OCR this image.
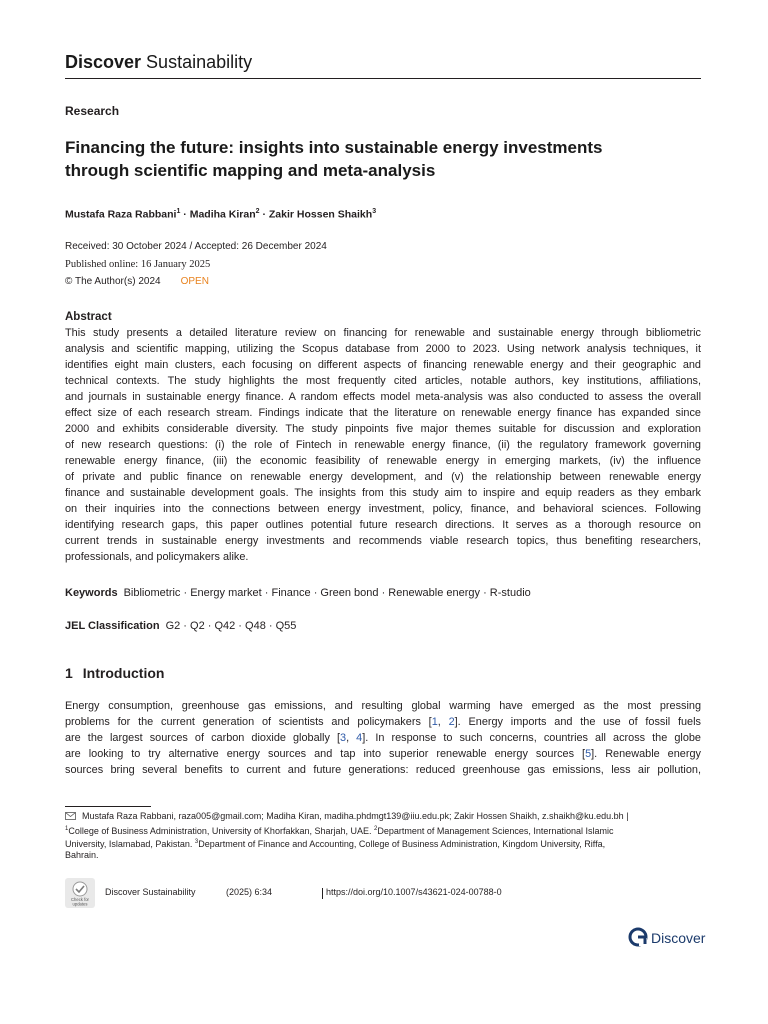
Discover Sustainability
Research
Financing the future: insights into sustainable energy investments
through scientific mapping and meta-analysis
Mustafa Raza Rabbani$^1$ · Madiha Kiran$^2$ · Zakir Hossen Shaikh$^3$
Received: 30 October 2024 / Accepted: 26 December 2024
Published online: 16 January 2025
© The Author(s) 2024 OPEN
Abstract
This study presents a detailed literature review on financing for renewable and sustainable energy through bibliometric
analysis and scientific mapping, utilizing the Scopus database from 2000 to 2023. Using network analysis techniques, it
identifies eight main clusters, each focusing on different aspects of financing renewable energy and their geographic and
technical contexts. The study highlights the most frequently cited articles, notable authors, key institutions, affiliations,
and journals in sustainable energy finance. A random effects model meta-analysis was also conducted to assess the overall
effect size of each research stream. Findings indicate that the literature on renewable energy finance has expanded since
2000 and exhibits considerable diversity. The study pinpoints five major themes suitable for discussion and exploration
of new research questions: (i) the role of Fintech in renewable energy finance, (ii) the regulatory framework governing
renewable energy finance, (iii) the economic feasibility of renewable energy in emerging markets, (iv) the influence
of private and public finance on renewable energy development, and (v) the relationship between renewable energy
finance and sustainable development goals. The insights from this study aim to inspire and equip readers as they embark
on their inquiries into the connections between energy investment, policy, finance, and behavioral sciences. Following
identifying research gaps, this paper outlines potential future research directions. It serves as a thorough resource on
current trends in sustainable energy investments and recommends viable research topics, thus benefiting researchers,
professionals, and policymakers alike.
Keywords Bibliometric · Energy market · Finance · Green bond · Renewable energy · R-studio
JEL Classification G2 · Q2 · Q42 · Q48 · Q55
1 Introduction
Energy consumption, greenhouse gas emissions, and resulting global warming have emerged as the most pressing
problems for the current generation of scientists and policymakers [1, 2]. Energy imports and the use of fossil fuels
are the largest sources of carbon dioxide globally [3, 4]. In response to such concerns, countries all across the globe
are looking to try alternative energy sources and tap into superior renewable energy sources [5]. Renewable energy
sources bring several benefits to current and future generations: reduced greenhouse gas emissions, less air pollution,
Mustafa Raza Rabbani, raza005@gmail.com; Madiha Kiran, madiha.phdmgt139@iiu.edu.pk; Zakir Hossen Shaikh, z.shaikh@ku.edu.bh |
$^1$College of Business Administration, University of Khorfakkan, Sharjah, UAE. $^2$Department of Management Sciences, International Islamic
University, Islamabad, Pakistan. $^3$Department of Finance and Accounting, College of Business Administration, Kingdom University, Riffa,
Bahrain.
Check for
updates
Discover Sustainability	(2025) 6:34	https://doi.org/10.1007/s43621-024-00788-0
Discover
